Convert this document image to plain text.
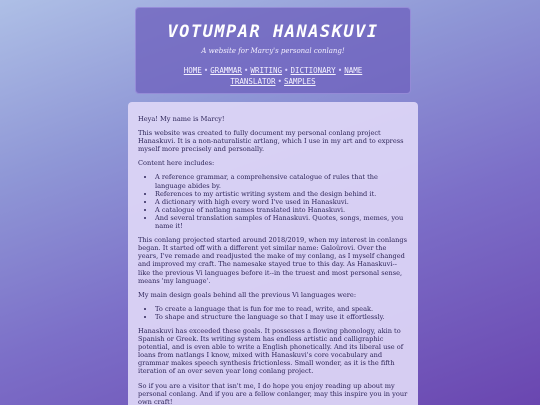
VOTUMPAR HANASKUVI

A website for Marcy's personal conlang!

HOME • GRAMMAR • WRITING • DICTIONARY • NAME TRANSLATOR • SAMPLES

Heya! My name is Marcy!

This website was created to fully document my personal conlang project Hanaskuvi. It is a non-naturalistic artlang, which I use in my art and to express myself more precisely and personally.

Content here includes:

• A reference grammar, a comprehensive catalogue of rules that the language abides by.
• References to my artistic writing system and the design behind it.
• A dictionary with high every word I've used in Hanaskuvi.
• A catalogue of natlang names translated into Hanaskuvi.
• And several translation samples of Hanaskuvi. Quotes, songs, memes, you name it!

This conlang projected started around 2018/2019, when my interest in conlangs began. It started off with a different yet similar name: Galoûrovi. Over the years, I've remade and readjusted the make of my conlang, as I myself changed and improved my craft. The namesake stayed true to this day. As Hanaskuvi--like the previous Vi languages before it--in the truest and most personal sense, means 'my language'.

My main design goals behind all the previous Vi languages were:

• To create a language that is fun for me to read, write, and speak.
• To shape and structure the language so that I may use it effortlessly.

Hanaskuvi has exceeded these goals. It possesses a flowing phonology, akin to Spanish or Greek. Its writing system has endless artistic and calligraphic potential, and is even able to write a English phonetically. And its liberal use of loans from natlangs I know, mixed with Hanaskuvi's core vocabulary and grammar makes speech synthesis frictionless. Small wonder, as it is the fifth iteration of an over seven year long conlang project.

So if you are a visitor that isn't me, I do hope you enjoy reading up about my personal conlang. And if you are a fellow conlanger, may this inspire you in your own craft!
